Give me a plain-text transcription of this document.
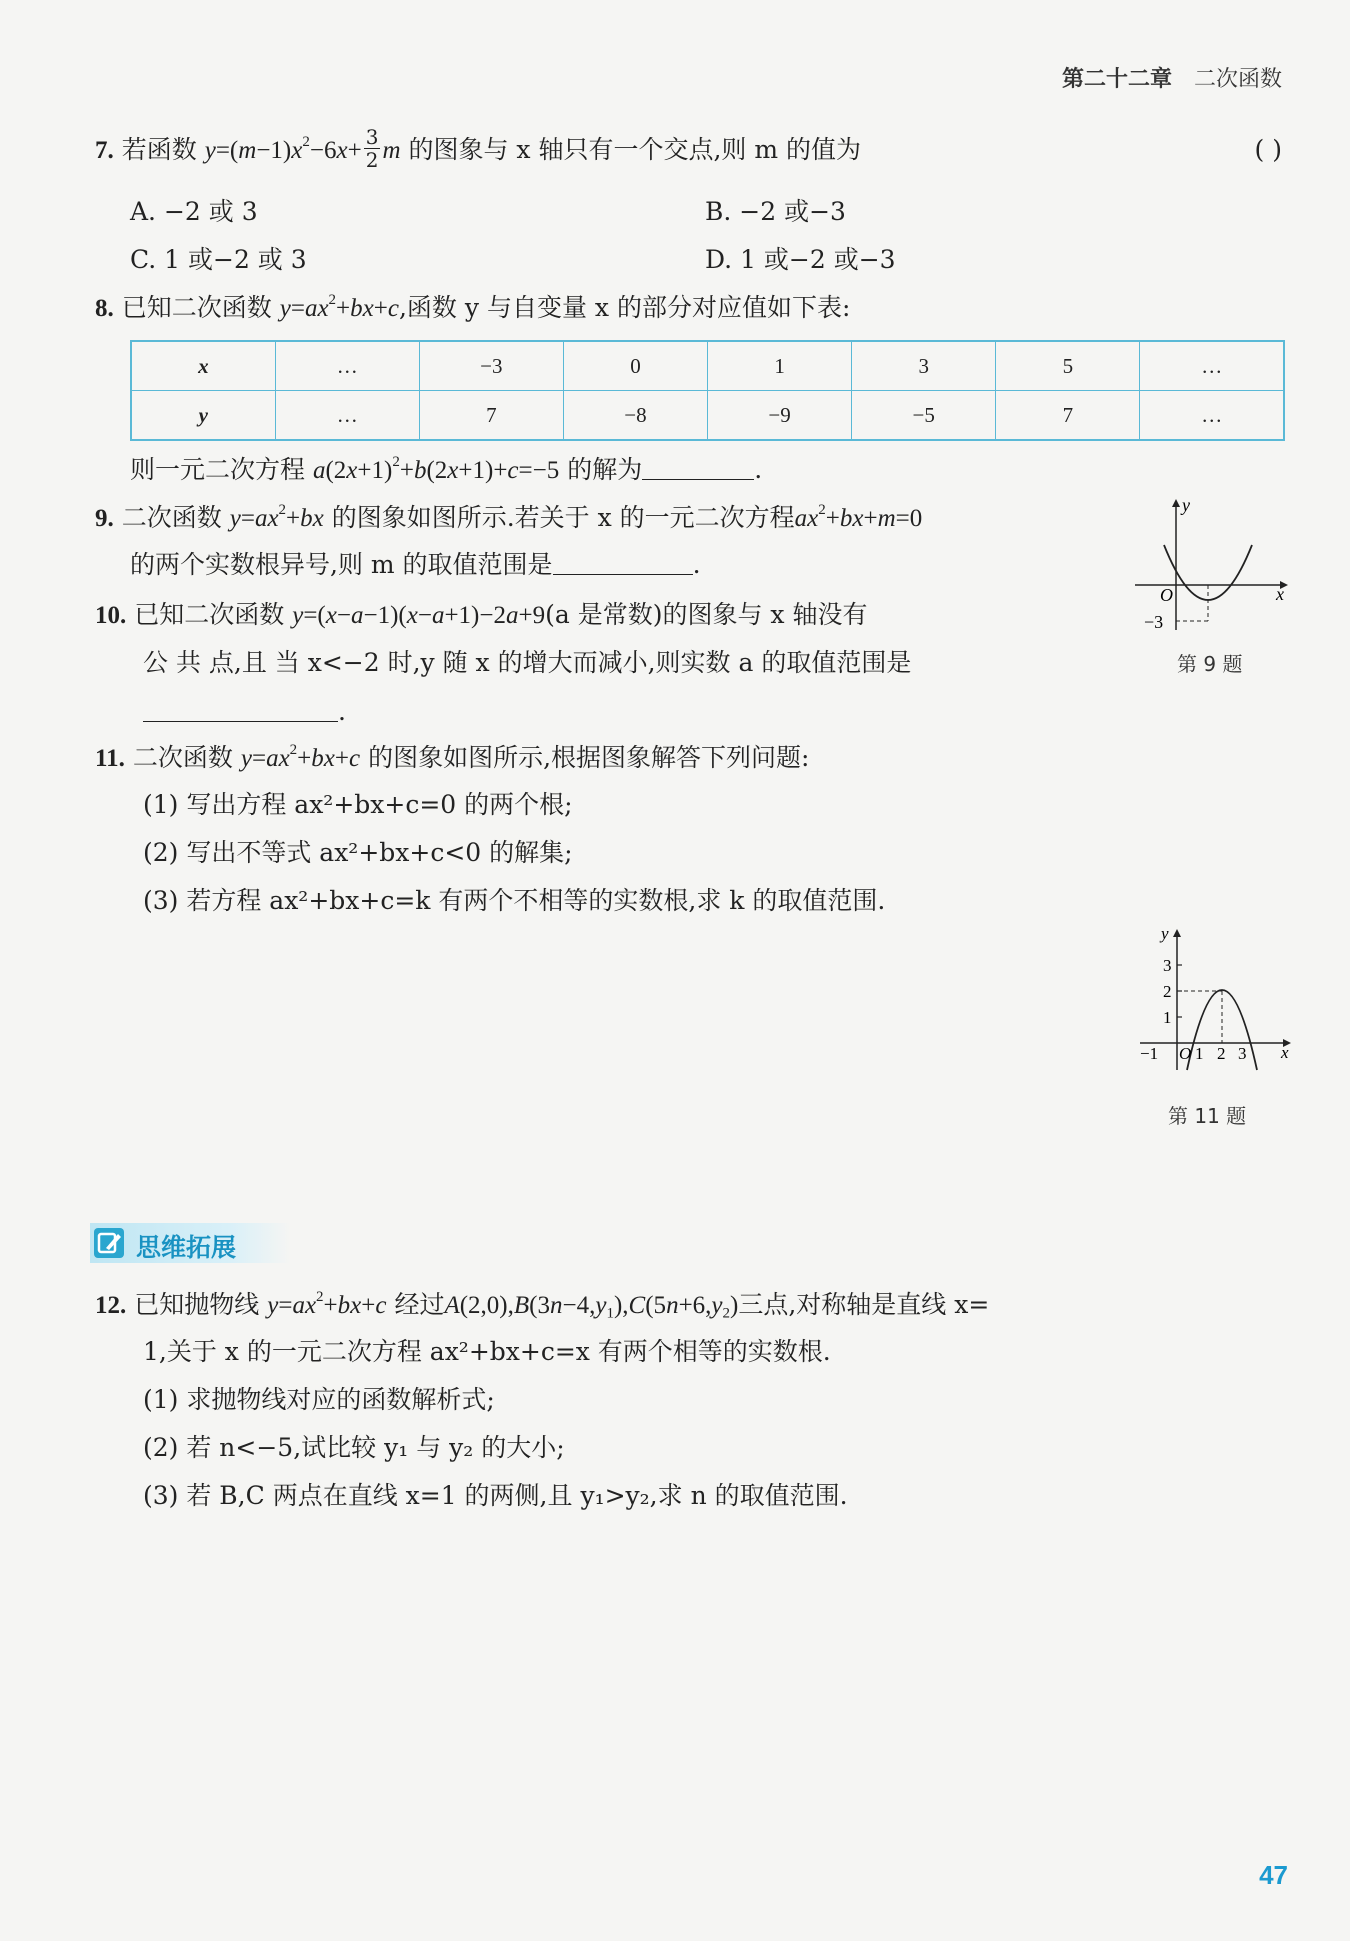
第二十二章 二次函数
7. 若函数 $y=(m-1)x^2-6x+ \frac{3}{2}$ m 的图象与 x 轴只有一个交点,则 m 的值为	( )
A. −2 或 3	B. −2 或−3
C. 1 或−2 或 3	D. 1 或−2 或−3
8. 已知二次函数 $y=ax^2+bx+c$,函数 y 与自变量 x 的部分对应值如下表:
x	…	−3	0	1	3	5	…
y	…	7	−8	−9	−5	7	…
则一元二次方程 $a(2x+1)^2+b(2x+1)+c=-5$ 的解为	.
9. 二次函数 $y=ax^2+bx$ 的图象如图所示.若关于 x 的一元二次方程$ax^2+bx+m=0$
的两个实数根异号,则 m 的取值范围是	.
y
x
O
−3
第 9 题
10. 已知二次函数 y=(x−a−1)(x−a+1)−2a+9(a 是常数)的图象与 x 轴没有
公 共 点,且 当 x<−2 时,y 随 x 的增大而减小,则实数 a 的取值范围是
.
11. 二次函数 $y=ax^2+bx+c$ 的图象如图所示,根据图象解答下列问题:
(1) 写出方程 ax²+bx+c=0 的两个根;
(2) 写出不等式 ax²+bx+c<0 的解集;
(3) 若方程 ax²+bx+c=k 有两个不相等的实数根,求 k 的取值范围.
y
x
3
2
1
−1 O 1 2 3
第 11 题
思维拓展
12. 已知抛物线 $y=ax^2+bx+c$ 经过$A(2,0),B(3n-4,y_1),C(5n+6,y_2)$三点,对称轴是直线 x=
1,关于 x 的一元二次方程 ax²+bx+c=x 有两个相等的实数根.
(1) 求抛物线对应的函数解析式;
(2) 若 n<−5,试比较 y₁ 与 y₂ 的大小;
(3) 若 B,C 两点在直线 x=1 的两侧,且 y₁>y₂,求 n 的取值范围.
47
